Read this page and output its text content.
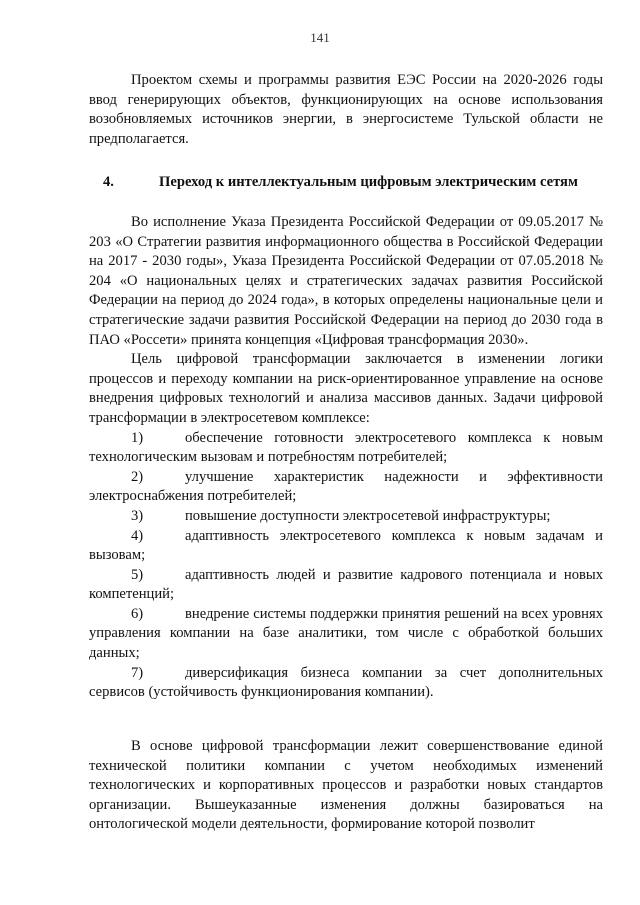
141

Проектом схемы и программы развития ЕЭС России на 2020-2026 годы ввод генерирующих объектов, функционирующих на основе использования возобновляемых источников энергии, в энергосистеме Тульской области не предполагается.

4.	Переход к интеллектуальным цифровым электрическим сетям

Во исполнение Указа Президента Российской Федерации от 09.05.2017 № 203 «О Стратегии развития информационного общества в Российской Федерации на 2017 - 2030 годы», Указа Президента Российской Федерации от 07.05.2018 № 204 «О национальных целях и стратегических задачах развития Российской Федерации на период до 2024 года», в которых определены национальные цели и стратегические задачи развития Российской Федерации на период до 2030 года в ПАО «Россети» принята концепция «Цифровая трансформация 2030».

Цель цифровой трансформации заключается в изменении логики процессов и переходу компании на риск-ориентированное управление на основе внедрения цифровых технологий и анализа массивов данных. Задачи цифровой трансформации в электросетевом комплексе:

1)	обеспечение готовности электросетевого комплекса к новым технологическим вызовам и потребностям потребителей;

2)	улучшение характеристик надежности и эффективности электроснабжения потребителей;

3)	повышение доступности электросетевой инфраструктуры;

4)	адаптивность электросетевого комплекса к новым задачам и вызовам;

5)	адаптивность людей и развитие кадрового потенциала и новых компетенций;

6)	внедрение системы поддержки принятия решений на всех уровнях управления компании на базе аналитики, том числе с обработкой больших данных;

7)	диверсификация бизнеса компании за счет дополнительных сервисов (устойчивость функционирования компании).

В основе цифровой трансформации лежит совершенствование единой технической политики компании с учетом необходимых изменений технологических и корпоративных процессов и разработки новых стандартов организации. Вышеуказанные изменения должны базироваться на онтологической модели деятельности, формирование которой позволит
